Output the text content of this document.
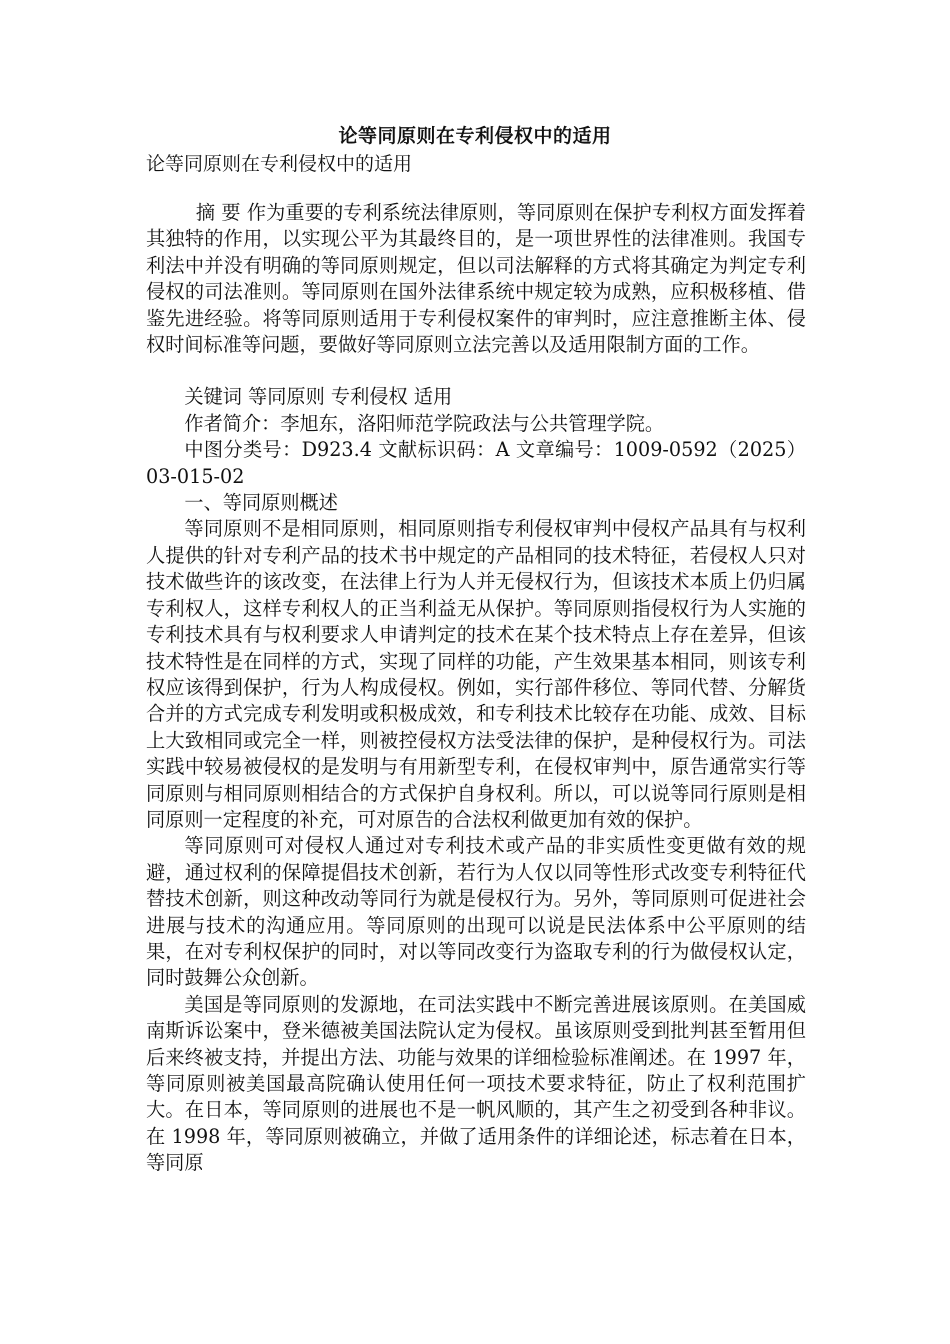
论等同原则在专利侵权中的适用
论等同原则在专利侵权中的适用

摘 要 作为重要的专利系统法律原则，等同原则在保护专利权方面发挥着其独特的作用，以实现公平为其最终目的，是一项世界性的法律准则。我国专利法中并没有明确的等同原则规定，但以司法解释的方式将其确定为判定专利侵权的司法准则。等同原则在国外法律系统中规定较为成熟，应积极移植、借鉴先进经验。将等同原则适用于专利侵权案件的审判时，应注意推断主体、侵权时间标准等问题，要做好等同原则立法完善以及适用限制方面的工作。

关键词 等同原则 专利侵权 适用

作者简介：李旭东，洛阳师范学院政法与公共管理学院。

中图分类号：D923.4 文献标识码：A 文章编号：1009-0592（2025）03-015-02

一、等同原则概述

等同原则不是相同原则，相同原则指专利侵权审判中侵权产品具有与权利人提供的针对专利产品的技术书中规定的产品相同的技术特征，若侵权人只对技术做些许的该改变，在法律上行为人并无侵权行为，但该技术本质上仍归属专利权人，这样专利权人的正当利益无从保护。等同原则指侵权行为人实施的专利技术具有与权利要求人申请判定的技术在某个技术特点上存在差异，但该技术特性是在同样的方式，实现了同样的功能，产生效果基本相同，则该专利权应该得到保护，行为人构成侵权。例如，实行部件移位、等同代替、分解货合并的方式完成专利发明或积极成效，和专利技术比较存在功能、成效、目标上大致相同或完全一样，则被控侵权方法受法律的保护，是种侵权行为。司法实践中较易被侵权的是发明与有用新型专利，在侵权审判中，原告通常实行等同原则与相同原则相结合的方式保护自身权利。所以，可以说等同行原则是相同原则一定程度的补充，可对原告的合法权利做更加有效的保护。

等同原则可对侵权人通过对专利技术或产品的非实质性变更做有效的规避，通过权利的保障提倡技术创新，若行为人仅以同等性形式改变专利特征代替技术创新，则这种改动等同行为就是侵权行为。另外，等同原则可促进社会进展与技术的沟通应用。等同原则的出现可以说是民法体系中公平原则的结果，在对专利权保护的同时，对以等同改变行为盗取专利的行为做侵权认定，同时鼓舞公众创新。

美国是等同原则的发源地，在司法实践中不断完善进展该原则。在美国威南斯诉讼案中，登米德被美国法院认定为侵权。虽该原则受到批判甚至暂用但后来终被支持，并提出方法、功能与效果的详细检验标准阐述。在 1997 年，等同原则被美国最高院确认使用任何一项技术要求特征，防止了权利范围扩大。在日本，等同原则的进展也不是一帆风顺的，其产生之初受到各种非议。在 1998 年，等同原则被确立，并做了适用条件的详细论述，标志着在日本，等同原
